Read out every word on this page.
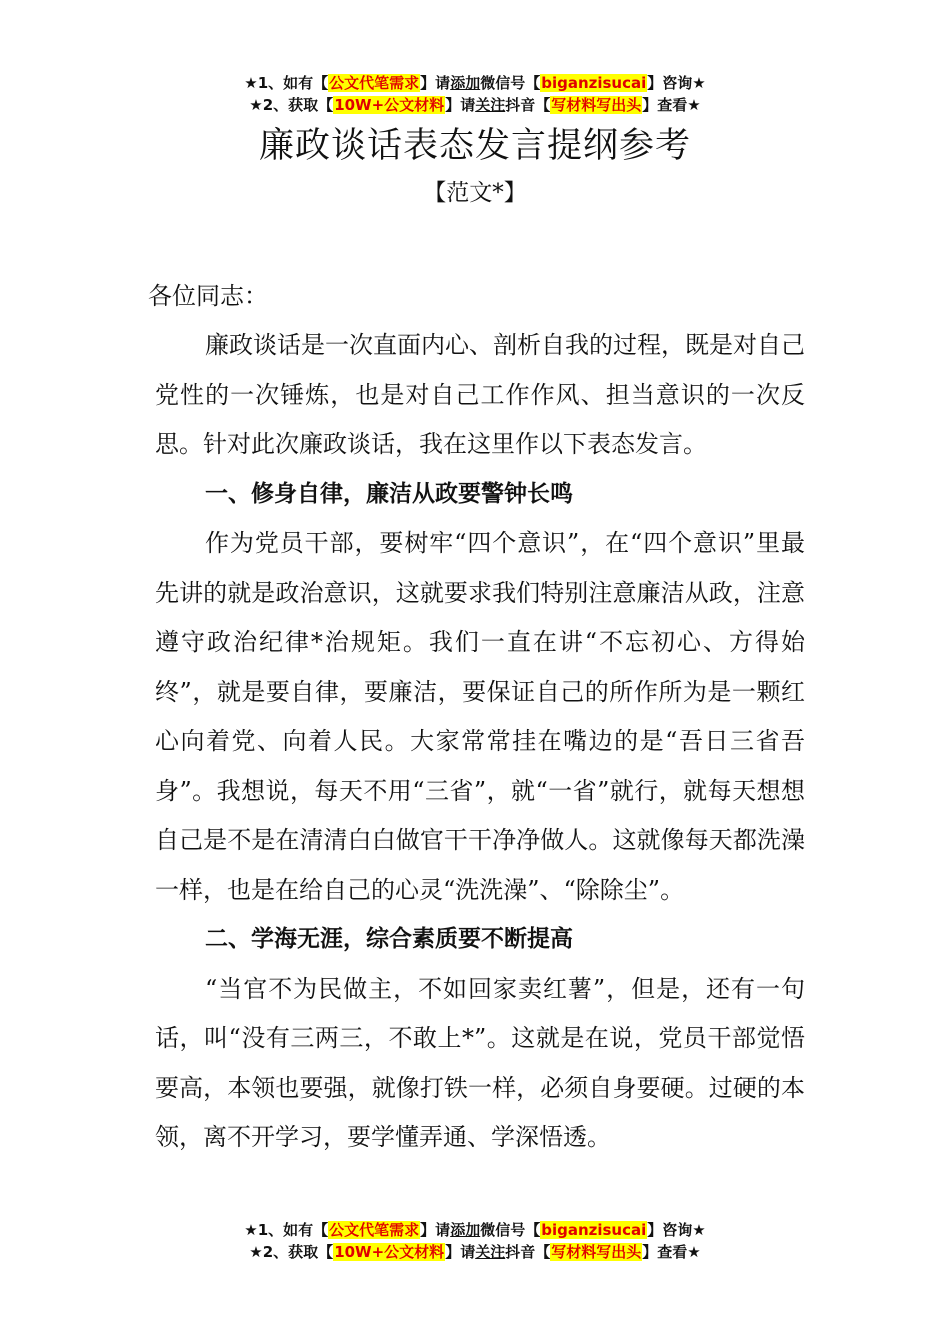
★1、如有【公文代笔需求】请添加微信号【biganzisucai】咨询★
★2、获取【10W+公文材料】请关注抖音【写材料写出头】查看★
廉政谈话表态发言提纲参考
【范文*】
各位同志：

廉政谈话是一次直面内心、剖析自我的过程，既是对自己党性的一次锤炼，也是对自己工作作风、担当意识的一次反思。针对此次廉政谈话，我在这里作以下表态发言。

一、修身自律，廉洁从政要警钟长鸣

作为党员干部，要树牢“四个意识”，在“四个意识”里最先讲的就是政治意识，这就要求我们特别注意廉洁从政，注意遵守政治纪律*治规矩。我们一直在讲“不忘初心、方得始终”，就是要自律，要廉洁，要保证自己的所作所为是一颗红心向着党、向着人民。大家常常挂在嘴边的是“吾日三省吾身”。我想说，每天不用“三省”，就“一省”就行，就每天想想自己是不是在清清白白做官干干净净做人。这就像每天都洗澡一样，也是在给自己的心灵“洗洗澡”、“除除尘”。

二、学海无涯，综合素质要不断提高

“当官不为民做主，不如回家卖红薯”，但是，还有一句话，叫“没有三两三，不敢上*”。这就是在说，党员干部觉悟要高，本领也要强，就像打铁一样，必须自身要硬。过硬的本领，离不开学习，要学懂弄通、学深悟透。

★1、如有【公文代笔需求】请添加微信号【biganzisucai】咨询★
★2、获取【10W+公文材料】请关注抖音【写材料写出头】查看★
